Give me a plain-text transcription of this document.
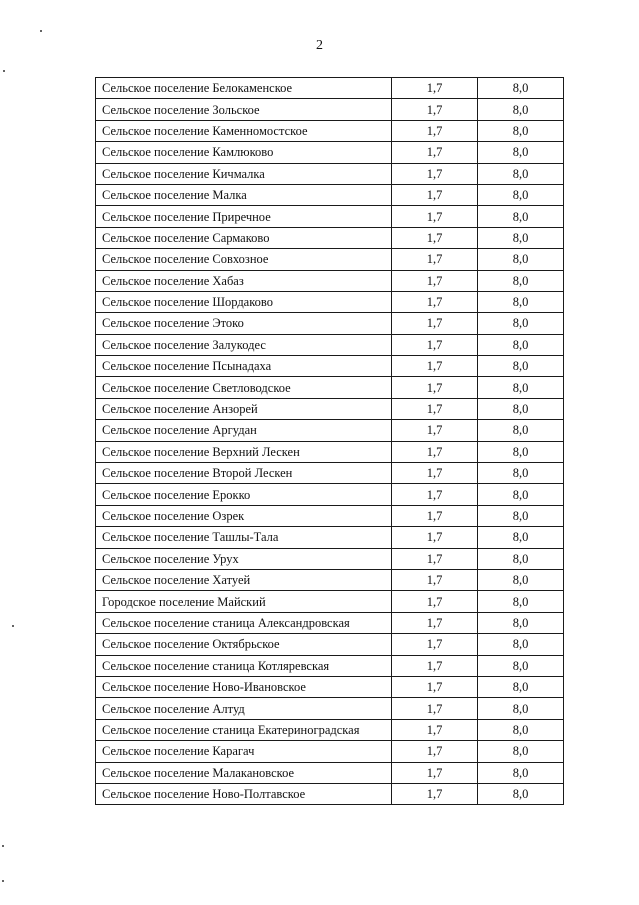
2
Сельское поселение Белокаменское	1,7	8,0
Сельское поселение Зольское	1,7	8,0
Сельское поселение Каменномостское	1,7	8,0
Сельское поселение Камлюково	1,7	8,0
Сельское поселение Кичмалка	1,7	8,0
Сельское поселение Малка	1,7	8,0
Сельское поселение Приречное	1,7	8,0
Сельское поселение Сармаково	1,7	8,0
Сельское поселение Совхозное	1,7	8,0
Сельское поселение Хабаз	1,7	8,0
Сельское поселение Шордаково	1,7	8,0
Сельское поселение Этоко	1,7	8,0
Сельское поселение Залукодес	1,7	8,0
Сельское поселение Псынадаха	1,7	8,0
Сельское поселение Светловодское	1,7	8,0
Сельское поселение Анзорей	1,7	8,0
Сельское поселение Аргудан	1,7	8,0
Сельское поселение Верхний Лескен	1,7	8,0
Сельское поселение Второй Лескен	1,7	8,0
Сельское поселение Ерокко	1,7	8,0
Сельское поселение Озрек	1,7	8,0
Сельское поселение Ташлы-Тала	1,7	8,0
Сельское поселение Урух	1,7	8,0
Сельское поселение Хатуей	1,7	8,0
Городское поселение Майский	1,7	8,0
Сельское поселение станица Александровская	1,7	8,0
Сельское поселение Октябрьское	1,7	8,0
Сельское поселение станица Котляревская	1,7	8,0
Сельское поселение Ново-Ивановское	1,7	8,0
Сельское поселение Алтуд	1,7	8,0
Сельское поселение станица Екатериноградская	1,7	8,0
Сельское поселение Карагач	1,7	8,0
Сельское поселение Малакановское	1,7	8,0
Сельское поселение Ново-Полтавское	1,7	8,0
